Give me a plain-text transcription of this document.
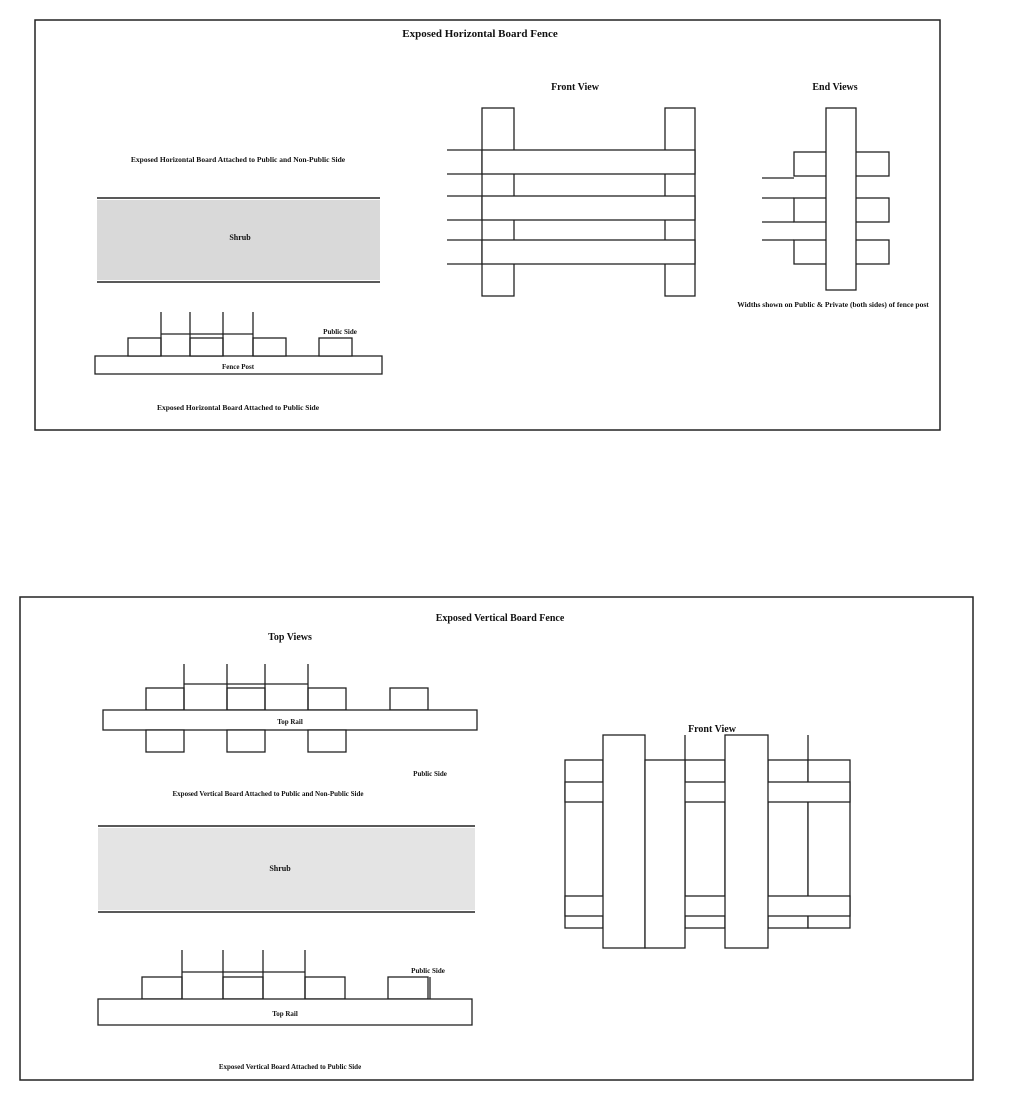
Exposed Horizontal Board Fence
Front View	End Views
Widths shown on Public & Private (both sides) of fence post
Exposed Horizontal Board Attached to Public and Non-Public Side
Shrub
Public Side
Fence Post
Exposed Horizontal Board Attached to Public Side
Exposed Vertical Board Fence
Top Views
Top Rail
Public Side
Exposed Vertical Board Attached to Public and Non-Public Side
Shrub
Public Side
Top Rail
Exposed Vertical Board Attached to Public Side
Front View
